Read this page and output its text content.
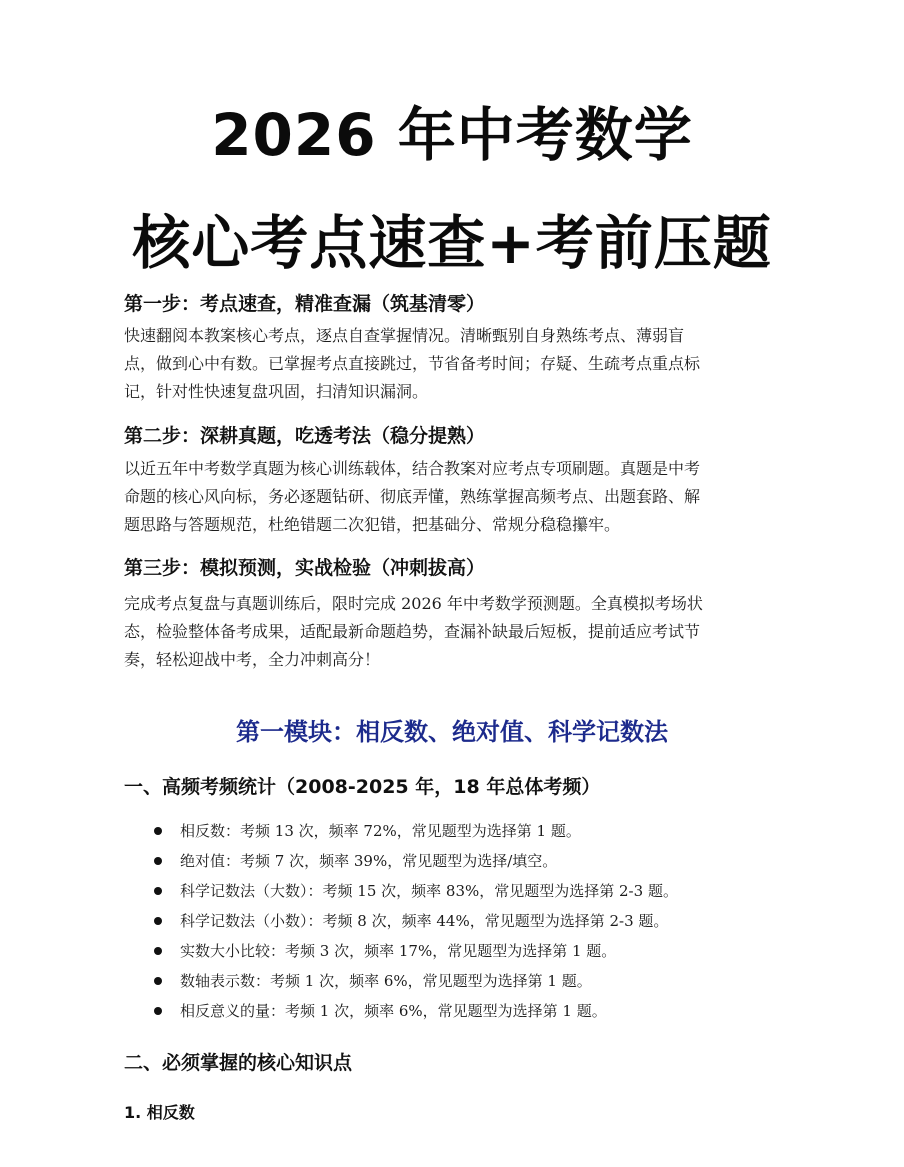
2026 年中考数学
核心考点速查+考前压题
第一步：考点速查，精准查漏（筑基清零）
快速翻阅本教案核心考点，逐点自查掌握情况。清晰甄别自身熟练考点、薄弱盲
点，做到心中有数。已掌握考点直接跳过，节省备考时间；存疑、生疏考点重点标
记，针对性快速复盘巩固，扫清知识漏洞。
第二步：深耕真题，吃透考法（稳分提熟）
以近五年中考数学真题为核心训练载体，结合教案对应考点专项刷题。真题是中考
命题的核心风向标，务必逐题钻研、彻底弄懂，熟练掌握高频考点、出题套路、解
题思路与答题规范，杜绝错题二次犯错，把基础分、常规分稳稳攥牢。
第三步：模拟预测，实战检验（冲刺拔高）
完成考点复盘与真题训练后，限时完成 2026 年中考数学预测题。全真模拟考场状
态，检验整体备考成果，适配最新命题趋势，查漏补缺最后短板，提前适应考试节
奏，轻松迎战中考，全力冲刺高分！
第一模块：相反数、绝对值、科学记数法
一、高频考频统计（2008-2025 年，18 年总体考频）
相反数：考频 13 次，频率 72%，常见题型为选择第 1 题。
绝对值：考频 7 次，频率 39%，常见题型为选择/填空。
科学记数法（大数）：考频 15 次，频率 83%，常见题型为选择第 2-3 题。
科学记数法（小数）：考频 8 次，频率 44%，常见题型为选择第 2-3 题。
实数大小比较：考频 3 次，频率 17%，常见题型为选择第 1 题。
数轴表示数：考频 1 次，频率 6%，常见题型为选择第 1 题。
相反意义的量：考频 1 次，频率 6%，常见题型为选择第 1 题。
二、必须掌握的核心知识点
1. 相反数
